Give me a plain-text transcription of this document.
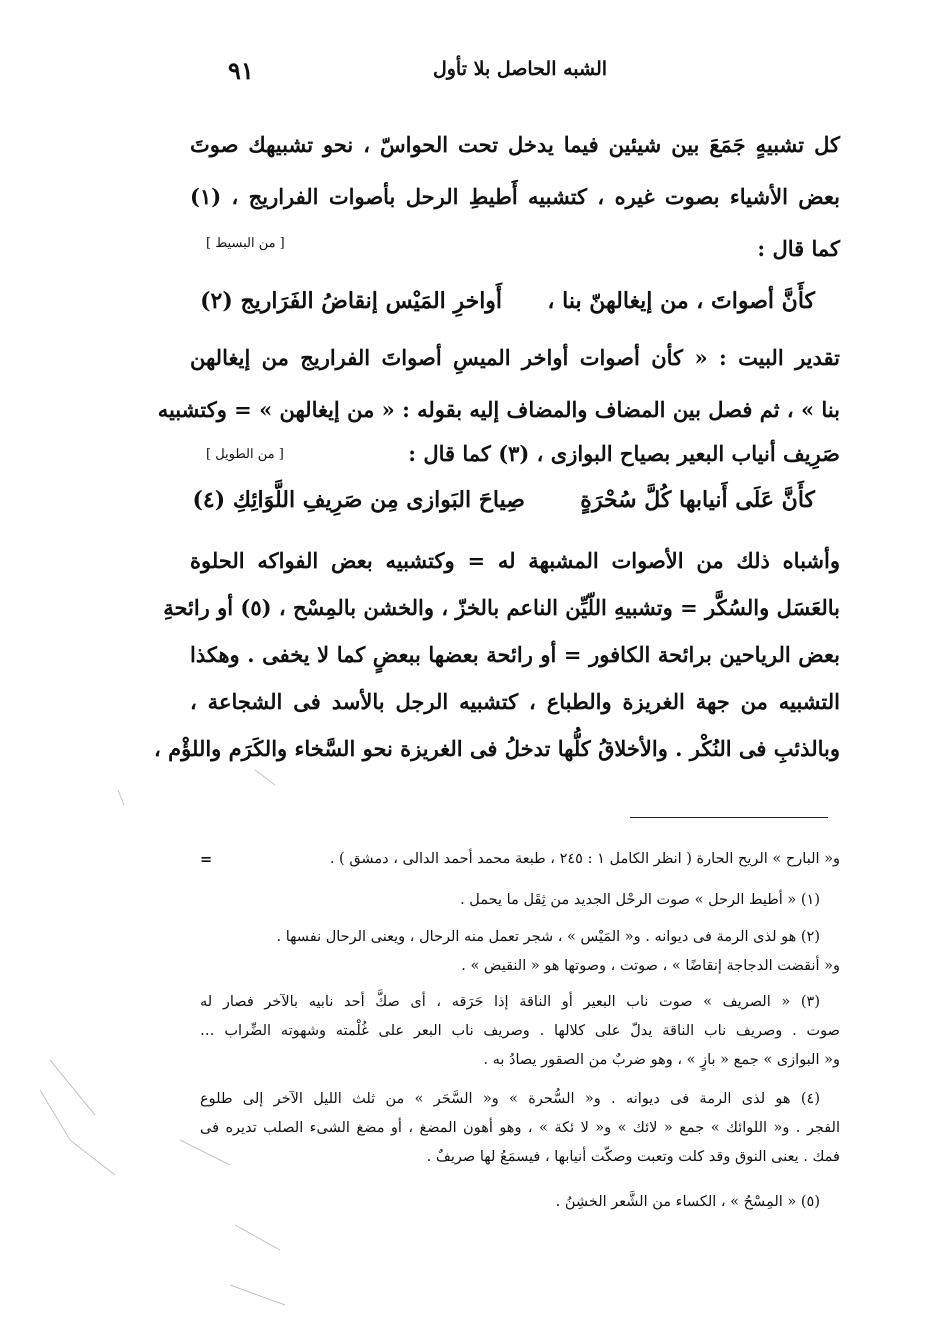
الشبه الحاصل بلا تأول
٩١
كل تشبيهٍ جَمَعَ بين شيئين فيما يدخل تحت الحواسّ ، نحو تشبيهك صوتَ
بعض الأشياء بصوت غيره ، كتشبيه أَطيطِ الرحل بأصوات الفراريج ، (١)
كما قال :
[ من البسيط ]
كأَنَّ أصواتَ ، من إيغالهنّ بنا ،  أَواخرِ المَيْس إنقاضُ الفَرَاريج (٢)
تقدير البيت : « كأن أصوات أواخر الميسِ أصواتَ الفراريج من إيغالهن
بنا » ، ثم فصل بين المضاف والمضاف إليه بقوله : « من إيغالهن » = وكتشبيه
صَرِيف أنياب البعير بصياح البوازى ، (٣) كما قال :
[ من الطويل ]
كأَنَّ عَلَى أَنيابها كُلَّ سُحْرَةٍ  صِياحَ البَوازى مِن صَرِيفِ اللَّوَائِكِ (٤)
وأشباه ذلك من الأصوات المشبهة له = وكتشبيه بعض الفواكه الحلوة
بالعَسَل والسُكَّر = وتشبيهِ اللّيِّن الناعم بالخزّ ، والخشن بالمِسْح ، (٥) أو رائحةِ
بعض الرياحين برائحة الكافور = أو رائحة بعضها ببعضٍ كما لا يخفى . وهكذا
التشبيه من جهة الغريزة والطباع ، كتشبيه الرجل بالأسد فى الشجاعة ،
وبالذئبِ فى النُكْر . والأخلاقُ كلُّها تدخلُ فى الغريزة نحو السَّخاء والكَرَم واللؤْم ،

=	و« البارح » الريح الحارة ( انظر الكامل ١ : ٢٤٥ ، طبعة محمد أحمد الدالى ، دمشق ) .

(١) « أطيط الرحل » صوت الرحْل الجديد من ثِقَل ما يحمل .

(٢) هو لذى الرمة فى ديوانه . و« المَيْس » ، شجر تعمل منه الرحال ، ويعنى الرحال نفسها .

و« أنقضت الدجاجة إنقاضًا » ، صوتت ، وصوتها هو « النقيض » .

(٣) « الصريف » صوت ناب البعير أو الناقة إذا حَرَقه ، أى صكَّ أحد نابيه بالآخر فصار له

صوت . وصريف ناب الناقة يدلّ على كلالها . وصريف ناب البعر على غُلْمته وشهوته الضِّراب …

و« البوازى » جمع « بازٍ » ، وهو ضربٌ من الصقور يصادُ به .

(٤) هو لذى الرمة فى ديوانه . و« السُّحرة » و« السَّحَر » من ثلث الليل الآخر إلى طلوع

الفجر . و« اللوائك » جمع « لائك » و« لا ئكة » ، وهو أهون المضغ ، أو مضغ الشىء الصلب تديره فى

فمك . يعنى النوق وقد كلت وتعبت وصكّت أنيابها ، فيسمَعُ لها صريفٌ .

(٥) « المِسْحُ » ، الكساء من الشَّعر الخشِنُ .
